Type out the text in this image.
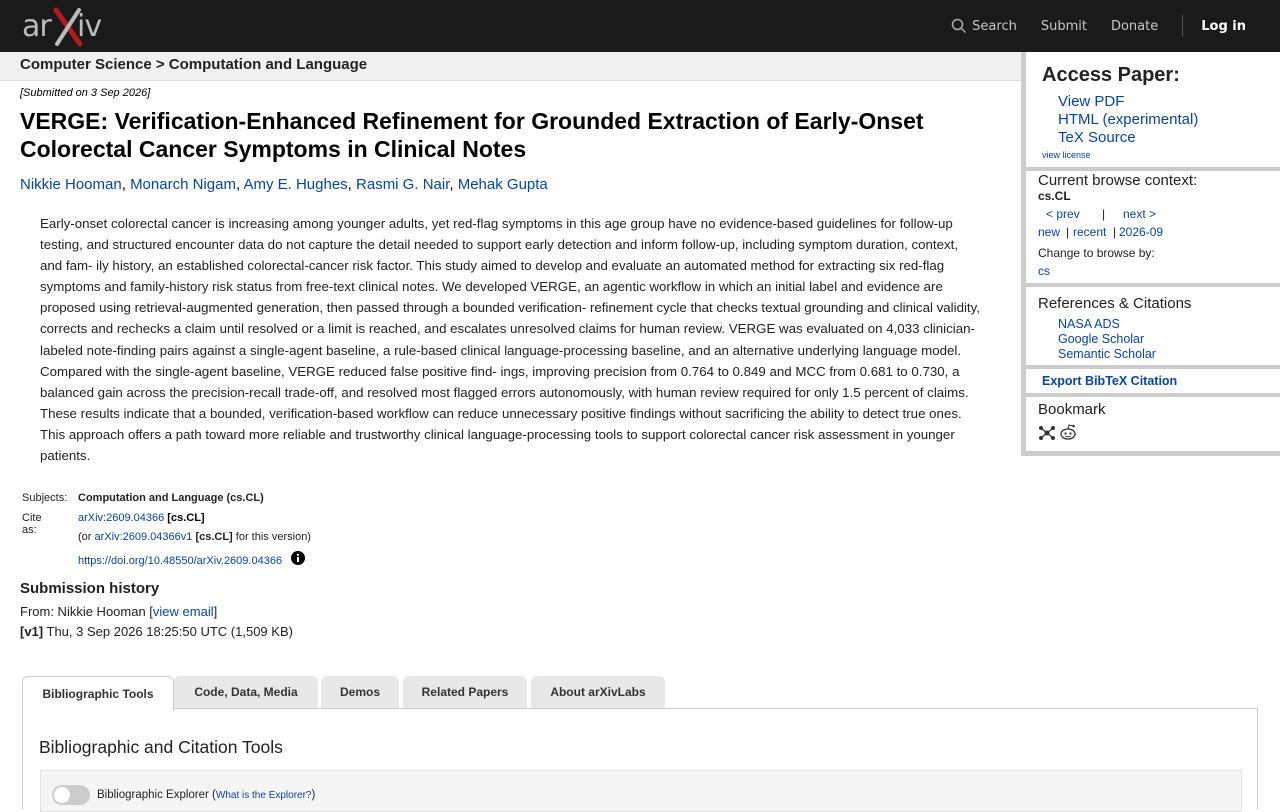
ar iv	Search Submit Donate	Log in
Computer Science > Computation and Language
[Submitted on 3 Sep 2026]
VERGE: Verification-Enhanced Refinement for Grounded Extraction of Early-Onset Colorectal Cancer Symptoms in Clinical Notes
Nikkie Hooman, Monarch Nigam, Amy E. Hughes, Rasmi G. Nair, Mehak Gupta
Early-onset colorectal cancer is increasing among younger adults, yet red-flag symptoms in this age group have no evidence-based guidelines for follow-up testing, and structured encounter data do not capture the detail needed to support early detection and inform follow-up, including symptom duration, context, and fam- ily history, an established colorectal-cancer risk factor. This study aimed to develop and evaluate an automated method for extracting six red-flag symptoms and family-history risk status from free-text clinical notes. We developed VERGE, an agentic workflow in which an initial label and evidence are proposed using retrieval-augmented generation, then passed through a bounded verification- refinement cycle that checks textual grounding and clinical validity, corrects and rechecks a claim until resolved or a limit is reached, and escalates unresolved claims for human review. VERGE was evaluated on 4,033 clinician-labeled note-finding pairs against a single-agent baseline, a rule-based clinical language-processing baseline, and an alternative underlying language model. Compared with the single-agent baseline, VERGE reduced false positive find- ings, improving precision from 0.764 to 0.849 and MCC from 0.681 to 0.730, a balanced gain across the precision-recall trade-off, and resolved most flagged errors autonomously, with human review required for only 1.5 percent of claims. These results indicate that a bounded, verification-based workflow can reduce unnecessary positive findings without sacrificing the ability to detect true ones. This approach offers a path toward more reliable and trustworthy clinical language-processing tools to support colorectal cancer risk assessment in younger patients.
Subjects: Computation and Language (cs.CL)
Cite as:
arXiv:2609.04366 [cs.CL]
(or arXiv:2609.04366v1 [cs.CL] for this version)
https://doi.org/10.48550/arXiv.2609.04366
Submission history
From: Nikkie Hooman [view email]
[v1] Thu, 3 Sep 2026 18:25:50 UTC (1,509 KB)
Bibliographic Tools	Code, Data, Media	Demos	Related Papers	About arXivLabs
Bibliographic and Citation Tools
Bibliographic Explorer (What is the Explorer?)
Access Paper:
View PDF
HTML (experimental)
TeX Source
view license
Current browse context:
cs.CL
< prev | next >
new | recent | 2026-09
Change to browse by:
cs
References & Citations
NASA ADS
Google Scholar
Semantic Scholar
Export BibTeX Citation
Bookmark
